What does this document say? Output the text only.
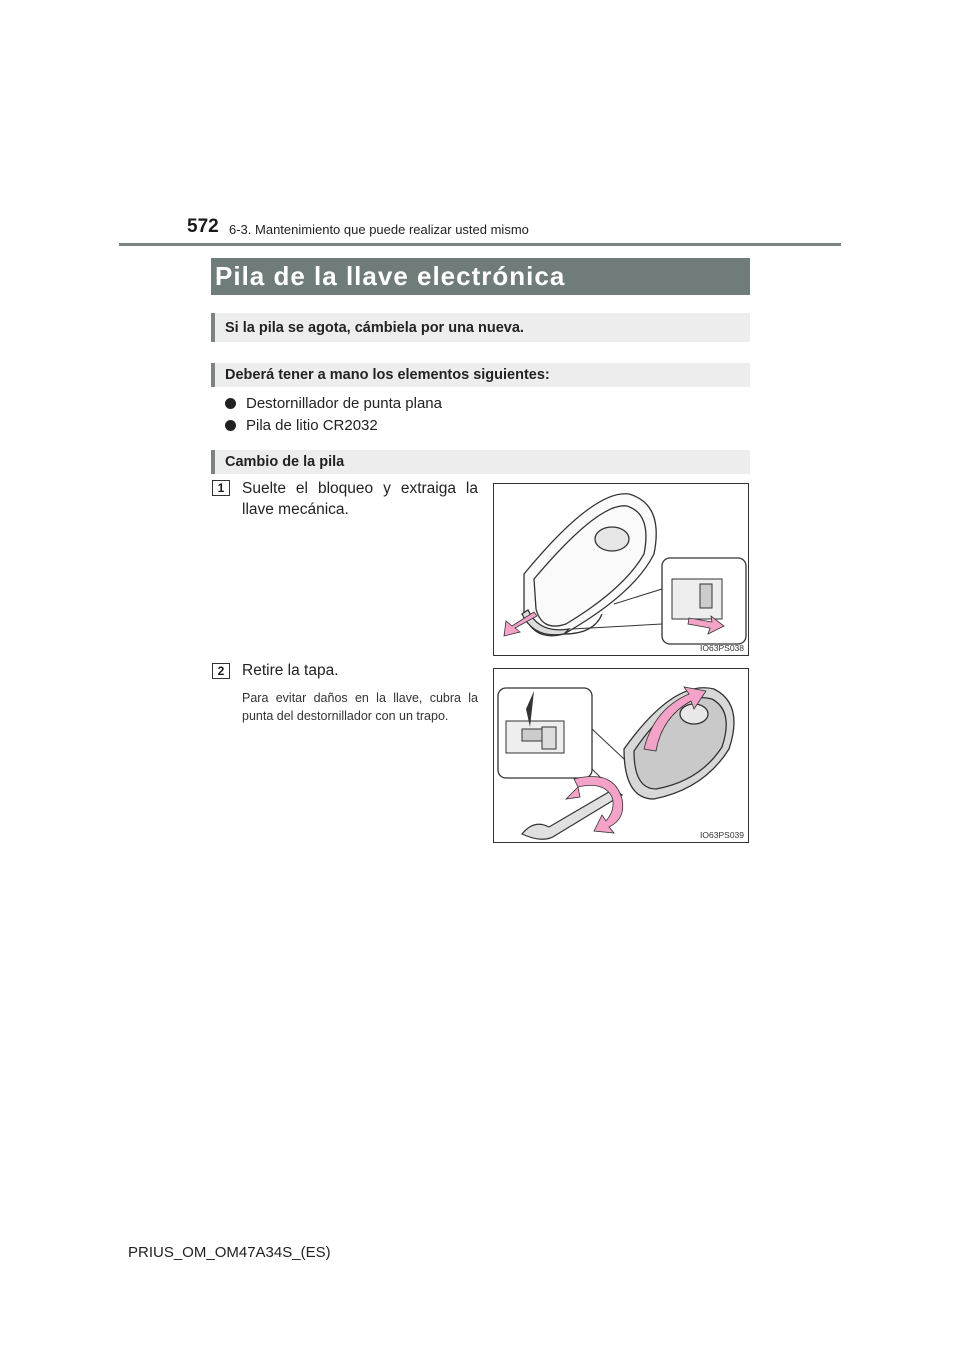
572 6-3. Mantenimiento que puede realizar usted mismo
Pila de la llave electrónica
Si la pila se agota, cámbiela por una nueva.
Deberá tener a mano los elementos siguientes:
Destornillador de punta plana
Pila de litio CR2032
Cambio de la pila
1	Suelte el bloqueo y extraiga la llave mecánica.
IO63PS038
2	Retire la tapa.
Para evitar daños en la llave, cubra la punta del destornillador con un trapo.
IO63PS039
PRIUS_OM_OM47A34S_(ES)
